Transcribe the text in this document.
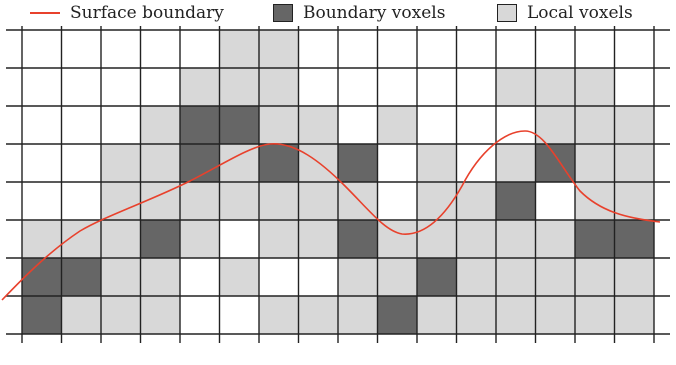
Surface boundary	Boundary voxels	Local voxels
